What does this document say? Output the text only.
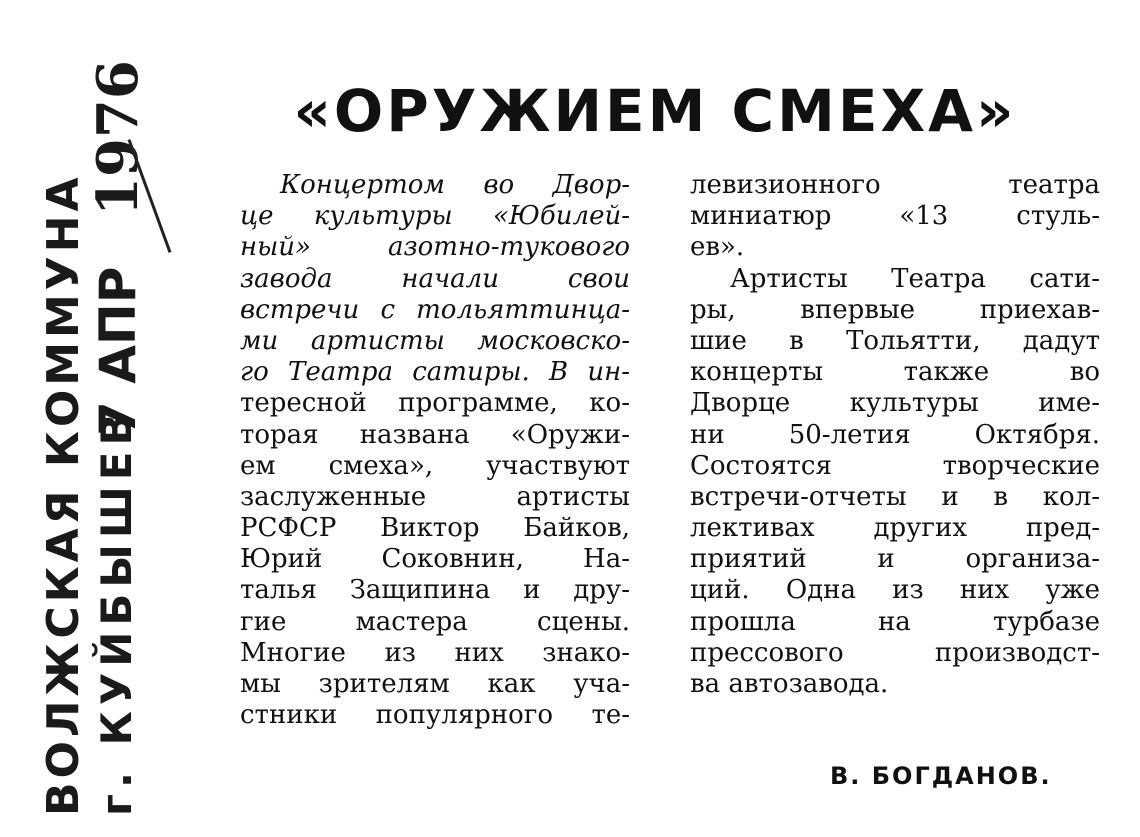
ВОЛЖСКАЯ КОММУНА г. КУЙБЫШЕВ
7 АПР
1976	«ОРУЖИЕМ СМЕХА»
Концертом во Двор-
це культуры «Юбилей-
ный» азотно-тукового
завода начали свои
встречи с тольяттинца-
ми артисты московско-
го Театра сатиры. В ин-
тересной программе, ко-
торая названа «Оружи-
ем смеха», участвуют
заслуженные артисты
РСФСР Виктор Байков,
Юрий Соковнин, На-
талья Защипина и дру-
гие мастера сцены.
Многие из них знако-
мы зрителям как уча-
стники популярного те-
левизионного театра
миниатюр «13 стуль-
ев».
Артисты Театра сати-
ры, впервые приехав-
шие в Тольятти, дадут
концерты также во
Дворце культуры име-
ни 50-летия Октября.
Состоятся творческие
встречи-отчеты и в кол-
лективах других пред-
приятий и организа-
ций. Одна из них уже
прошла на турбазе
прессового производст-
ва автозавода.
В. БОГДАНОВ.
